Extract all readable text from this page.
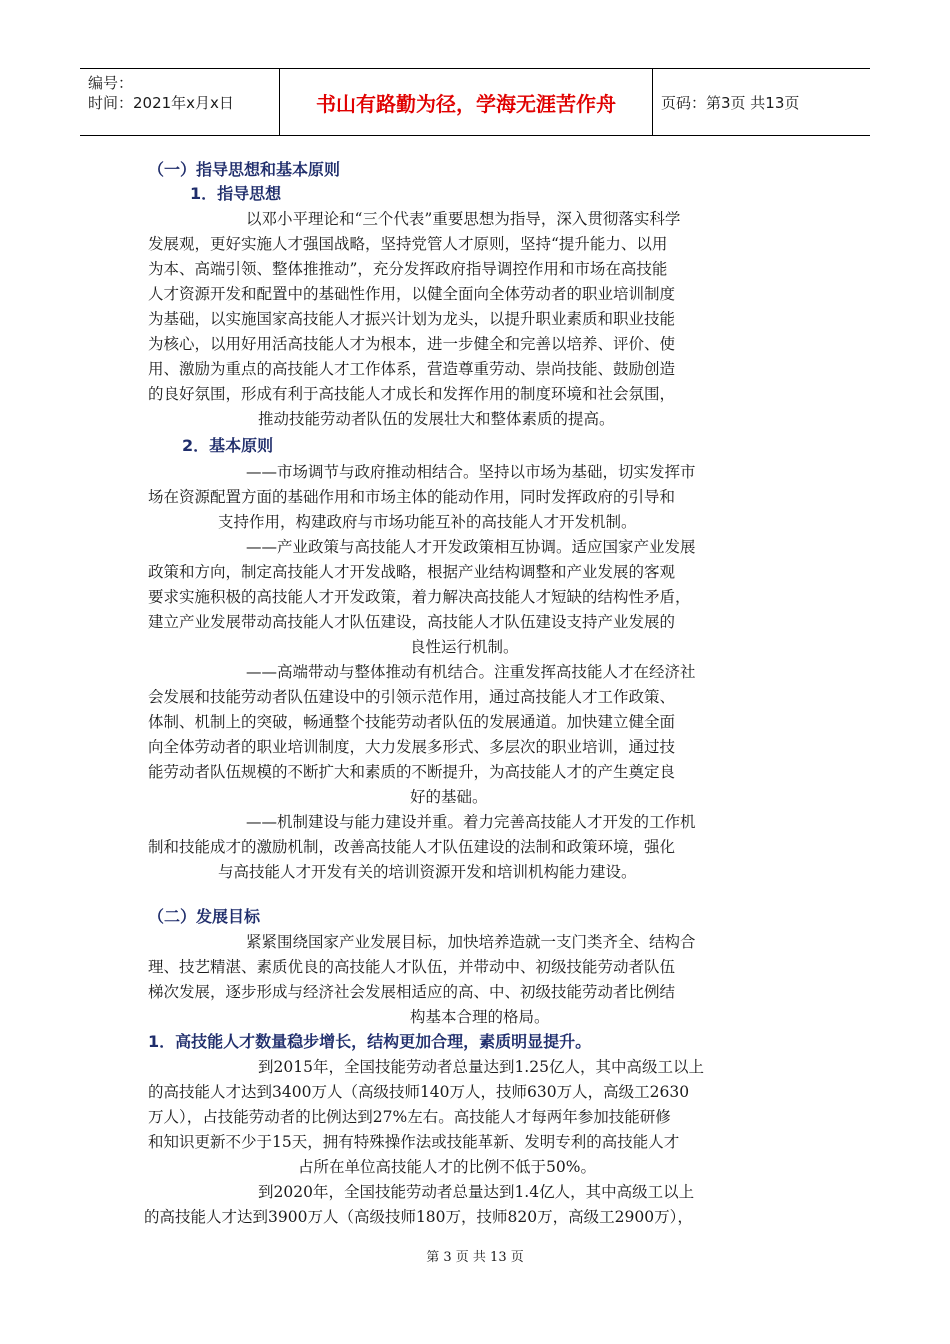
编号：
时间：2021年x月x日	书山有路勤为径，学海无涯苦作舟	页码：第3页 共13页
（一）指导思想和基本原则
1．指导思想
以邓小平理论和“三个代表”重要思想为指导，深入贯彻落实科学
发展观，更好实施人才强国战略，坚持党管人才原则，坚持“提升能力、以用
为本、高端引领、整体推推动”，充分发挥政府指导调控作用和市场在高技能
人才资源开发和配置中的基础性作用，以健全面向全体劳动者的职业培训制度
为基础，以实施国家高技能人才振兴计划为龙头，以提升职业素质和职业技能
为核心，以用好用活高技能人才为根本，进一步健全和完善以培养、评价、使
用、激励为重点的高技能人才工作体系，营造尊重劳动、崇尚技能、鼓励创造
的良好氛围，形成有利于高技能人才成长和发挥作用的制度环境和社会氛围，
推动技能劳动者队伍的发展壮大和整体素质的提高。
2．基本原则
——市场调节与政府推动相结合。坚持以市场为基础，切实发挥市
场在资源配置方面的基础作用和市场主体的能动作用，同时发挥政府的引导和
支持作用，构建政府与市场功能互补的高技能人才开发机制。
——产业政策与高技能人才开发政策相互协调。适应国家产业发展
政策和方向，制定高技能人才开发战略，根据产业结构调整和产业发展的客观
要求实施积极的高技能人才开发政策，着力解决高技能人才短缺的结构性矛盾，
建立产业发展带动高技能人才队伍建设，高技能人才队伍建设支持产业发展的
良性运行机制。
——高端带动与整体推动有机结合。注重发挥高技能人才在经济社
会发展和技能劳动者队伍建设中的引领示范作用，通过高技能人才工作政策、
体制、机制上的突破，畅通整个技能劳动者队伍的发展通道。加快建立健全面
向全体劳动者的职业培训制度，大力发展多形式、多层次的职业培训，通过技
能劳动者队伍规模的不断扩大和素质的不断提升，为高技能人才的产生奠定良
好的基础。
——机制建设与能力建设并重。着力完善高技能人才开发的工作机
制和技能成才的激励机制，改善高技能人才队伍建设的法制和政策环境，强化
与高技能人才开发有关的培训资源开发和培训机构能力建设。
（二）发展目标
紧紧围绕国家产业发展目标，加快培养造就一支门类齐全、结构合
理、技艺精湛、素质优良的高技能人才队伍，并带动中、初级技能劳动者队伍
梯次发展，逐步形成与经济社会发展相适应的高、中、初级技能劳动者比例结
构基本合理的格局。
1．高技能人才数量稳步增长，结构更加合理，素质明显提升。
到2015年，全国技能劳动者总量达到1.25亿人，其中高级工以上
的高技能人才达到3400万人（高级技师140万人，技师630万人，高级工2630
万人），占技能劳动者的比例达到27%左右。高技能人才每两年参加技能研修
和知识更新不少于15天，拥有特殊操作法或技能革新、发明专利的高技能人才
占所在单位高技能人才的比例不低于50%。
到2020年，全国技能劳动者总量达到1.4亿人，其中高级工以上
的高技能人才达到3900万人（高级技师180万，技师820万，高级工2900万），
第 3 页 共 13 页
